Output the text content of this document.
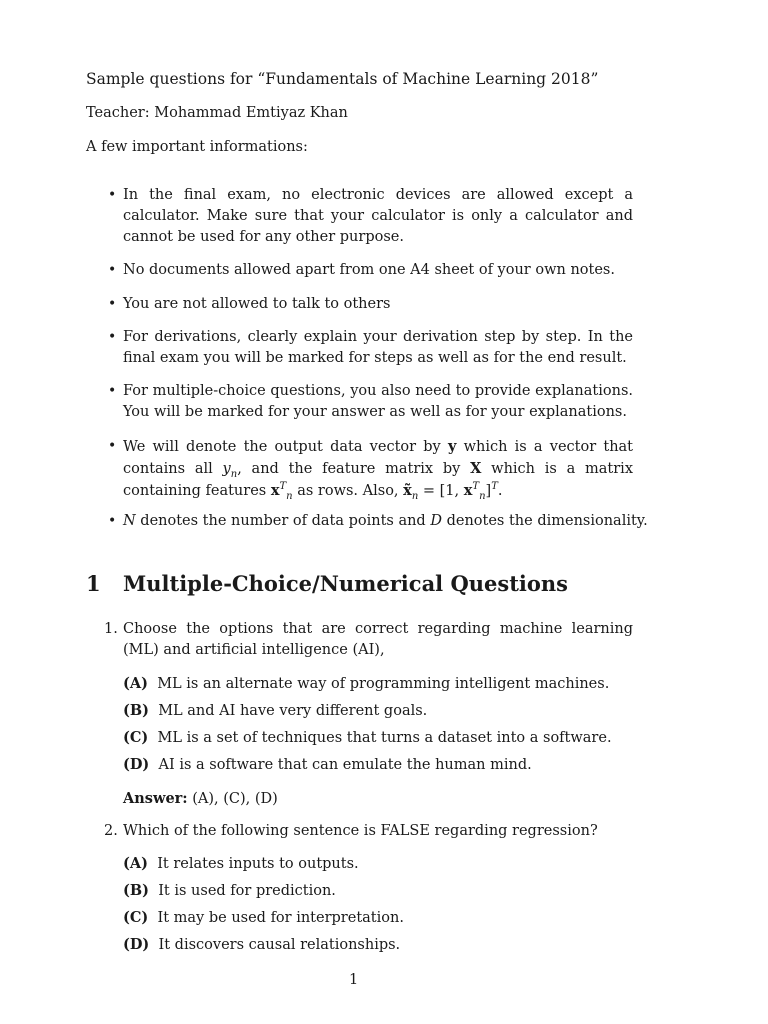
Sample questions for “Fundamentals of Machine Learning 2018”
Teacher: Mohammad Emtiyaz Khan
A few important informations:
• In the final exam, no electronic devices are allowed except a calculator. Make sure that your calculator is only a calculator and cannot be used for any other purpose.
• No documents allowed apart from one A4 sheet of your own notes.
• You are not allowed to talk to others
• For derivations, clearly explain your derivation step by step. In the final exam you will be marked for steps as well as for the end result.
• For multiple-choice questions, you also need to provide explanations. You will be marked for your answer as well as for your explanations.
• We will denote the output data vector by y which is a vector that contains all $y_n$, and the feature matrix by X which is a matrix containing features $x^T_n$ as rows. Also, $x̃_n = [1$, $x^T_n]^T$.
• N denotes the number of data points and D denotes the dimensionality.
1 Multiple-Choice/Numerical Questions
1. Choose the options that are correct regarding machine learning (ML) and artificial intelligence (AI),
(A) ML is an alternate way of programming intelligent machines.
(B) ML and AI have very different goals.
(C) ML is a set of techniques that turns a dataset into a software.
(D) AI is a software that can emulate the human mind.
Answer: (A), (C), (D)
2. Which of the following sentence is FALSE regarding regression?
(A) It relates inputs to outputs.
(B) It is used for prediction.
(C) It may be used for interpretation.
(D) It discovers causal relationships.
1
